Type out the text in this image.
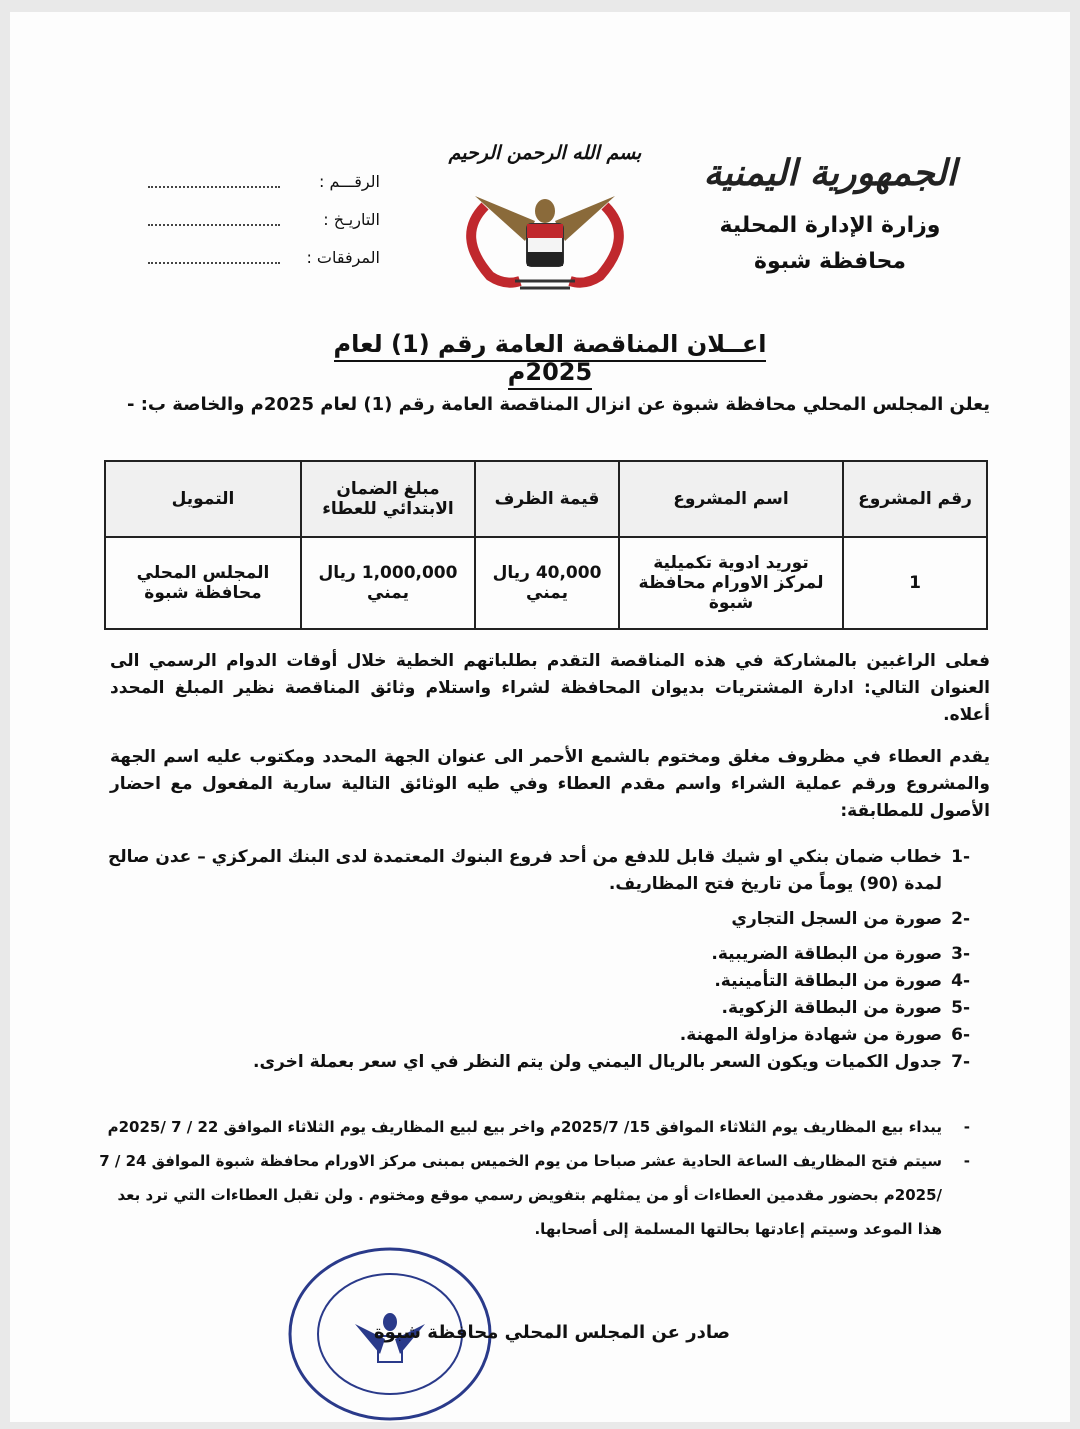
الجمهورية اليمنية
وزارة الإدارة المحلية
محافظة شبوة
بسم الله الرحمن الرحيم
الرقـــم :
التاريـخ :
المرفقات :
اعــلان المناقصة العامة رقم (1) لعام 2025م
يعلن المجلس المحلي محافظة شبوة عن انزال المناقصة العامة رقم (1) لعام 2025م والخاصة ب: -
رقم المشروع	اسم المشروع	قيمة الظرف	مبلغ الضمان الابتدائي للعطاء	التمويل
1	توريد ادوية تكميلية لمركز الاورام محافظة شبوة	40,000 ريال يمني	1,000,000 ريال يمني	المجلس المحلي محافظة شبوة
فعلى الراغبين بالمشاركة في هذه المناقصة التقدم بطلباتهم الخطية خلال أوقات الدوام الرسمي الى العنوان التالي: ادارة المشتريات بديوان المحافظة لشراء واستلام وثائق المناقصة نظير المبلغ المحدد أعلاه.
يقدم العطاء في مظروف مغلق ومختوم بالشمع الأحمر الى عنوان الجهة المحدد ومكتوب عليه اسم الجهة والمشروع ورقم عملية الشراء واسم مقدم العطاء وفي طيه الوثائق التالية سارية المفعول مع احضار الأصول للمطابقة:
-1
خطاب ضمان بنكي او شيك قابل للدفع من أحد فروع البنوك المعتمدة لدى البنك المركزي – عدن صالح لمدة (90) يوماً من تاريخ فتح المظاريف.
-2
صورة من السجل التجاري
-3
صورة من البطاقة الضريبية.
-4
صورة من البطاقة التأمينية.
-5
صورة من البطاقة الزكوية.
-6
صورة من شهادة مزاولة المهنة.
-7
جدول الكميات ويكون السعر بالريال اليمني ولن يتم النظر في اي سعر بعملة اخرى.
-
يبداء بيع المظاريف يوم الثلاثاء الموافق 15/ 2025/7م واخر بيع لبيع المظاريف يوم الثلاثاء الموافق 22 / 7 /2025م
-
سيتم فتح المظاريف الساعة الحادية عشر صباحا من يوم الخميس بمبنى مركز الاورام محافظة شبوة الموافق 24 / 7 /2025م بحضور مقدمين العطاءات أو من يمثلهم بتفويض رسمي موقع ومختوم . ولن تقبل العطاءات التي ترد بعد هذا الموعد وسيتم إعادتها بحالتها المسلمة إلى أصحابها.
صادر عن المجلس المحلي محافظة شبوة
